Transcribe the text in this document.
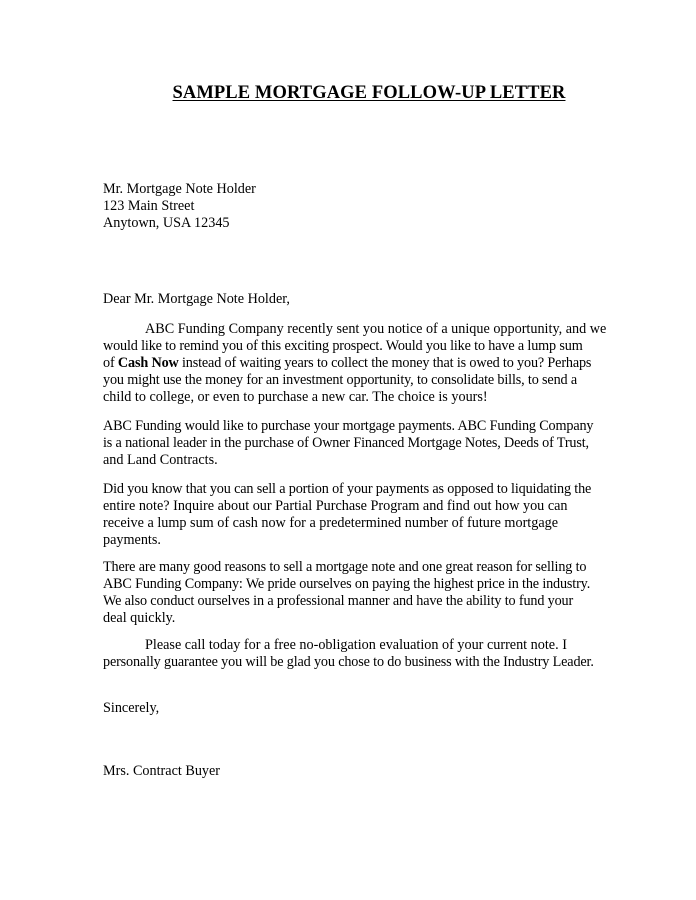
SAMPLE MORTGAGE FOLLOW-UP LETTER
Mr. Mortgage Note Holder
123 Main Street
Anytown, USA 12345
Dear Mr. Mortgage Note Holder,
ABC Funding Company recently sent you notice of a unique opportunity, and we
would like to remind you of this exciting prospect. Would you like to have a lump sum
of Cash Now instead of waiting years to collect the money that is owed to you? Perhaps
you might use the money for an investment opportunity, to consolidate bills, to send a
child to college, or even to purchase a new car. The choice is yours!
ABC Funding would like to purchase your mortgage payments. ABC Funding Company
is a national leader in the purchase of Owner Financed Mortgage Notes, Deeds of Trust,
and Land Contracts.
Did you know that you can sell a portion of your payments as opposed to liquidating the
entire note? Inquire about our Partial Purchase Program and find out how you can
receive a lump sum of cash now for a predetermined number of future mortgage
payments.
There are many good reasons to sell a mortgage note and one great reason for selling to
ABC Funding Company: We pride ourselves on paying the highest price in the industry.
We also conduct ourselves in a professional manner and have the ability to fund your
deal quickly.
Please call today for a free no-obligation evaluation of your current note. I
personally guarantee you will be glad you chose to do business with the Industry Leader.
Sincerely,
Mrs. Contract Buyer
